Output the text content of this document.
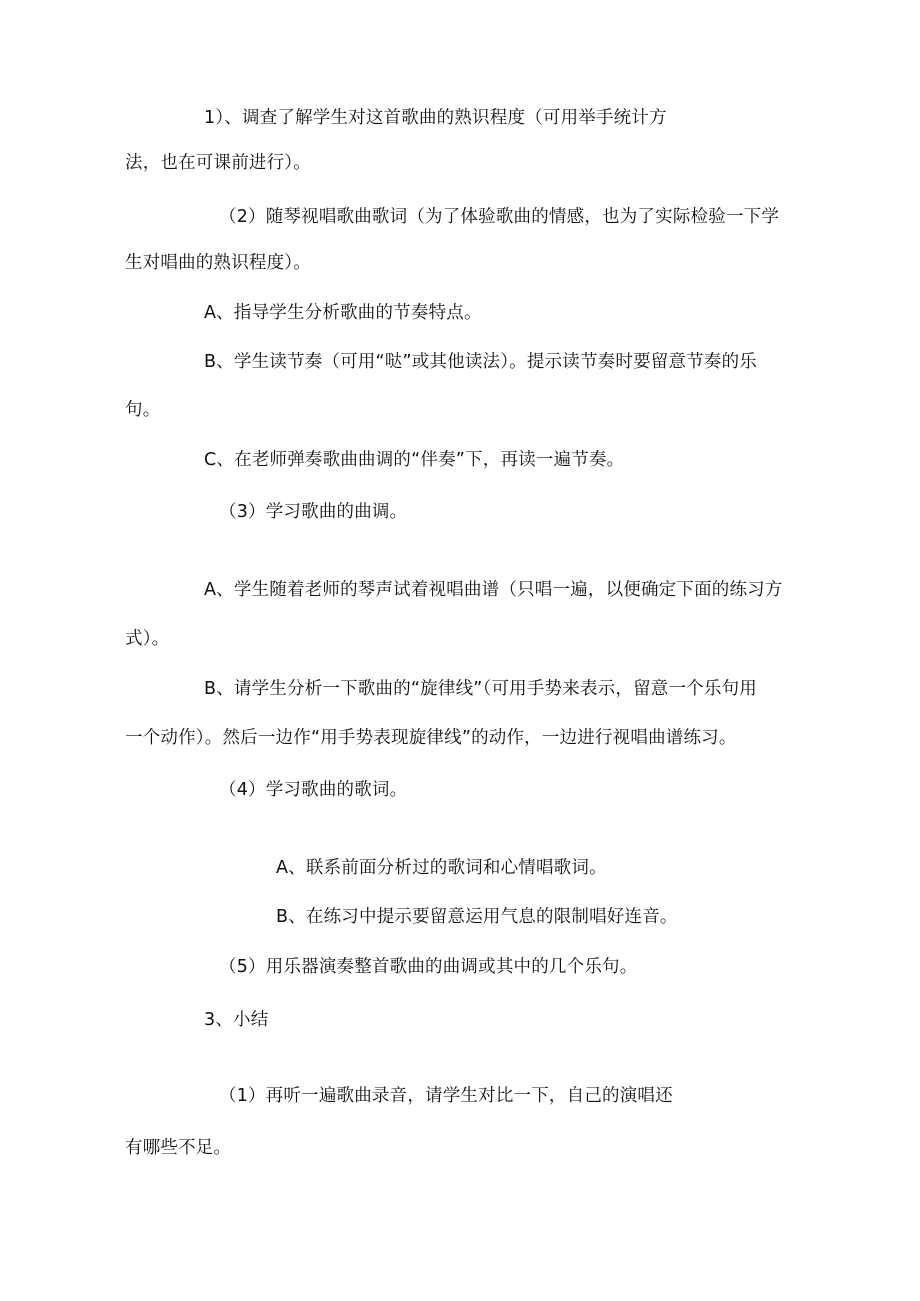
1）、调查了解学生对这首歌曲的熟识程度（可用举手统计方
法，也在可课前进行）。
（2）随琴视唱歌曲歌词（为了体验歌曲的情感，也为了实际检验一下学
生对唱曲的熟识程度）。
A、指导学生分析歌曲的节奏特点。
B、学生读节奏（可用“哒”或其他读法）。提示读节奏时要留意节奏的乐
句。
C、在老师弹奏歌曲曲调的“伴奏”下，再读一遍节奏。
（3）学习歌曲的曲调。
A、学生随着老师的琴声试着视唱曲谱（只唱一遍，以便确定下面的练习方
式）。
B、请学生分析一下歌曲的“旋律线”（可用手势来表示，留意一个乐句用
一个动作）。然后一边作“用手势表现旋律线”的动作，一边进行视唱曲谱练习。
（4）学习歌曲的歌词。
A、联系前面分析过的歌词和心情唱歌词。
B、在练习中提示要留意运用气息的限制唱好连音。
（5）用乐器演奏整首歌曲的曲调或其中的几个乐句。
3、小结
（1）再听一遍歌曲录音，请学生对比一下，自己的演唱还
有哪些不足。
